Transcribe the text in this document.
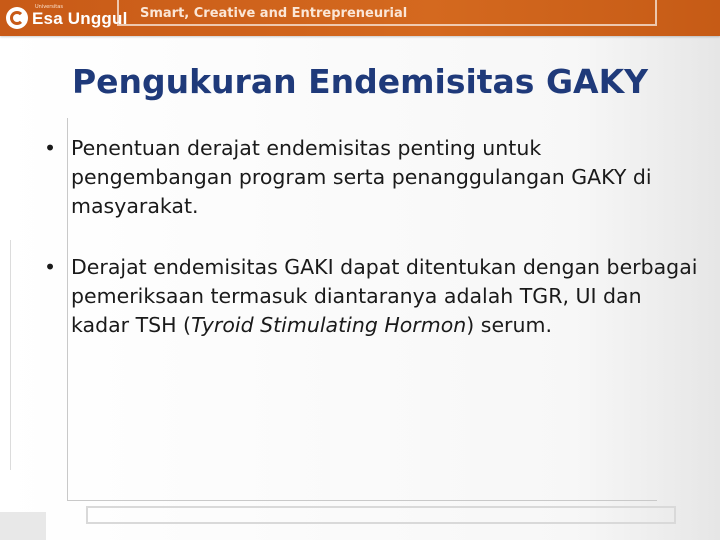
Universitas
Esa Unggul Smart, Creative and Entrepreneurial
Pengukuran Endemisitas GAKY
• Penentuan derajat endemisitas penting untuk pengembangan program serta penanggulangan GAKY di masyarakat.
• Derajat endemisitas GAKI dapat ditentukan dengan berbagai pemeriksaan termasuk diantaranya adalah TGR, UI dan kadar TSH (Tyroid Stimulating Hormon) serum.
